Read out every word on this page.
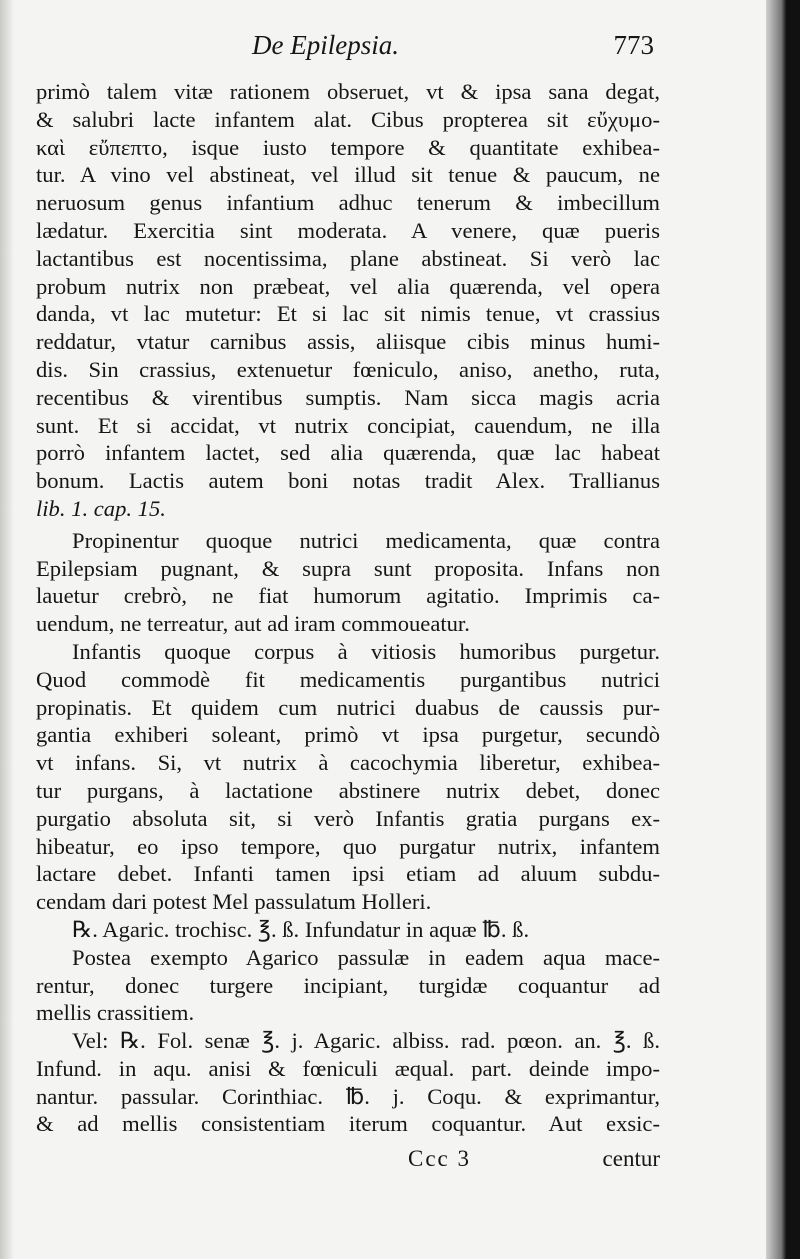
De Epilepsia.	773
primò talem vitæ rationem obseruet, vt & ipsa sana degat,
& salubri lacte infantem alat. Cibus propterea sit εὔχυμο-
καὶ εὔπεπτο, isque iusto tempore & quantitate exhibea-
tur. A vino vel abstineat, vel illud sit tenue & paucum, ne
neruosum genus infantium adhuc tenerum & imbecillum
lædatur. Exercitia sint moderata. A venere, quæ pueris
lactantibus est nocentissima, plane abstineat. Si verò lac
probum nutrix non præbeat, vel alia quærenda, vel opera
danda, vt lac mutetur: Et si lac sit nimis tenue, vt crassius
reddatur, vtatur carnibus assis, aliisque cibis minus humi-
dis. Sin crassius, extenuetur fœniculo, aniso, anetho, ruta,
recentibus & virentibus sumptis. Nam sicca magis acria
sunt. Et si accidat, vt nutrix concipiat, cauendum, ne illa
porrò infantem lactet, sed alia quærenda, quæ lac habeat
bonum. Lactis autem boni notas tradit Alex. Trallianus
lib. 1. cap. 15.
Propinentur quoque nutrici medicamenta, quæ contra
Epilepsiam pugnant, & supra sunt proposita. Infans non
lauetur crebrò, ne fiat humorum agitatio. Imprimis ca-
uendum, ne terreatur, aut ad iram commoueatur.
Infantis quoque corpus à vitiosis humoribus purgetur.
Quod commodè fit medicamentis purgantibus nutrici
propinatis. Et quidem cum nutrici duabus de caussis pur-
gantia exhiberi soleant, primò vt ipsa purgetur, secundò
vt infans. Si, vt nutrix à cacochymia liberetur, exhibea-
tur purgans, à lactatione abstinere nutrix debet, donec
purgatio absoluta sit, si verò Infantis gratia purgans ex-
hibeatur, eo ipso tempore, quo purgatur nutrix, infantem
lactare debet. Infanti tamen ipsi etiam ad aluum subdu-
cendam dari potest Mel passulatum Holleri.
℞. Agaric. trochisc. ℥. ß. Infundatur in aquæ ℔. ß.
Postea exempto Agarico passulæ in eadem aqua mace-
rentur, donec turgere incipiant, turgidæ coquantur ad
mellis crassitiem.
Vel: ℞. Fol. senæ ℥. j. Agaric. albiss. rad. pœon. an. ℥. ß.
Infund. in aqu. anisi & fœniculi æqual. part. deinde impo-
nantur. passular. Corinthiac. ℔. j. Coqu. & exprimantur,
& ad mellis consistentiam iterum coquantur. Aut exsic-
Ccc 3	centur
